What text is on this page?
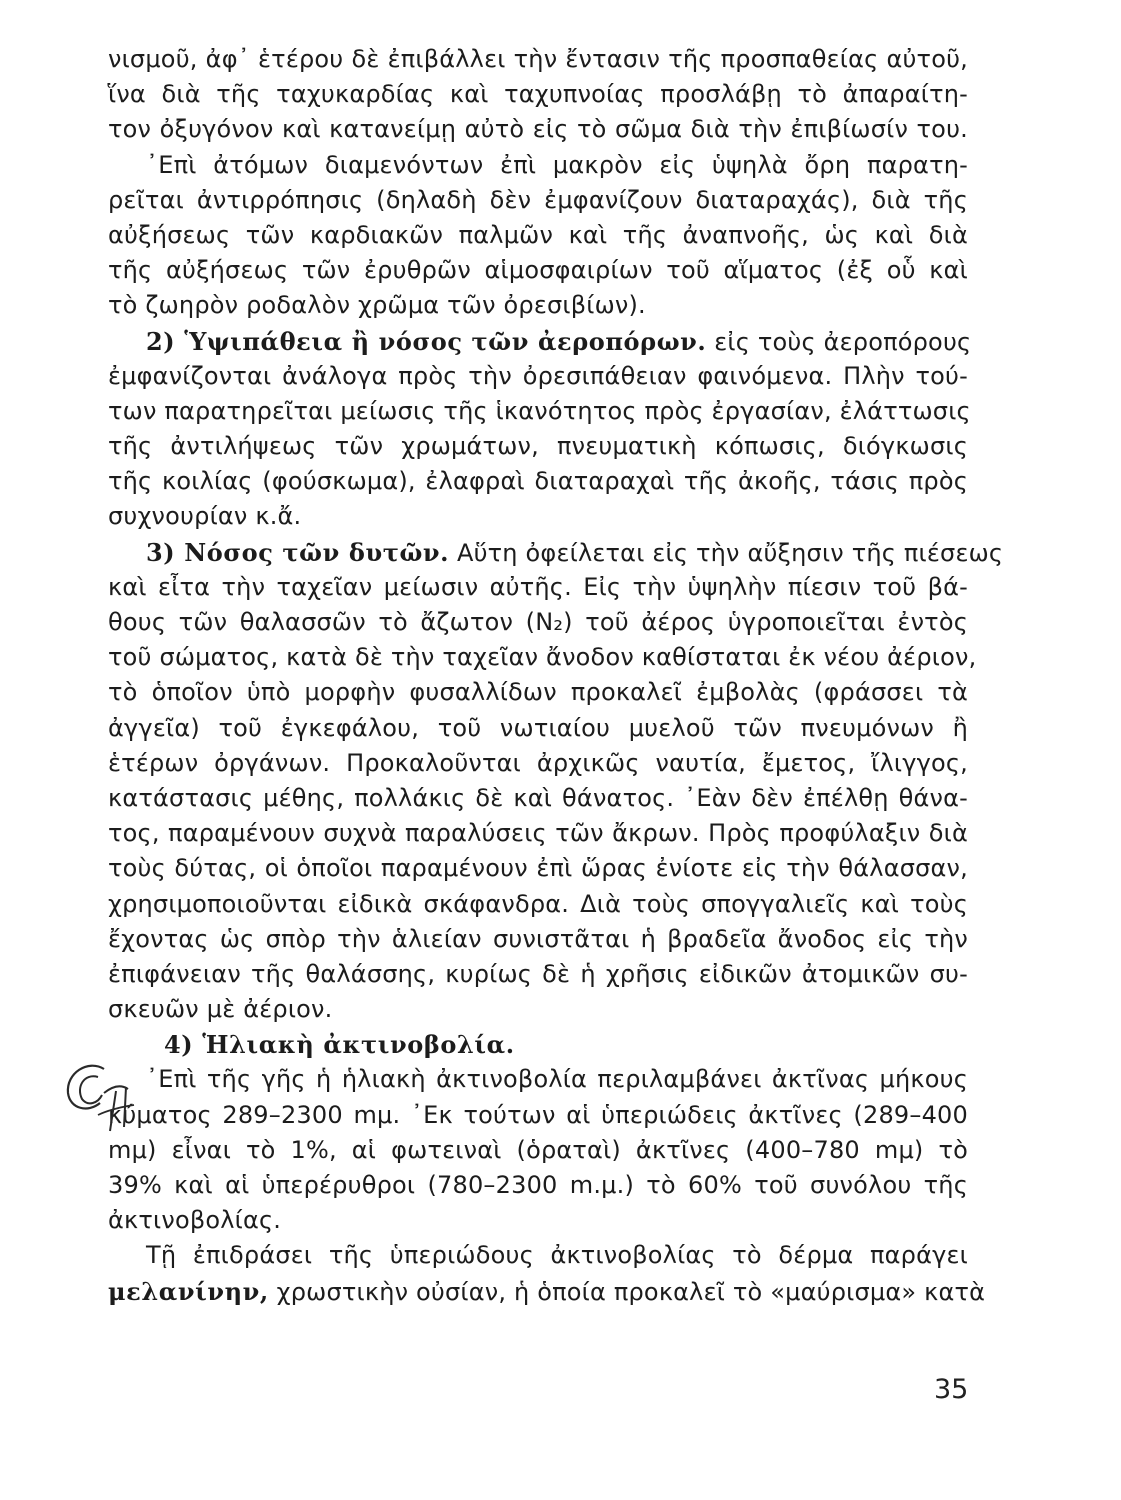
νισμοῦ, ἀφ᾿ ἑτέρου δὲ ἐπιβάλλει τὴν ἔντασιν τῆς προσπαθείας αὐτοῦ,
ἵνα διὰ τῆς ταχυκαρδίας καὶ ταχυπνοίας προσλάβῃ τὸ ἀπαραίτη-
τον ὀξυγόνον καὶ κατανείμῃ αὐτὸ εἰς τὸ σῶμα διὰ τὴν ἐπιβίωσίν του.
᾿Επὶ ἀτόμων διαμενόντων ἐπὶ μακρὸν εἰς ὑψηλὰ ὄρη παρατη-
ρεῖται ἀντιρρόπησις (δηλαδὴ δὲν ἐμφανίζουν διαταραχάς), διὰ τῆς
αὐξήσεως τῶν καρδιακῶν παλμῶν καὶ τῆς ἀναπνοῆς, ὡς καὶ διὰ
τῆς αὐξήσεως τῶν ἐρυθρῶν αἱμοσφαιρίων τοῦ αἵματος (ἐξ οὗ καὶ
τὸ ζωηρὸν ροδαλὸν χρῶμα τῶν ὀρεσιβίων).
2) Ὑψιπάθεια ἢ νόσος τῶν ἀεροπόρων. εἰς τοὺς ἀεροπόρους
ἐμφανίζονται ἀνάλογα πρὸς τὴν ὀρεσιπάθειαν φαινόμενα. Πλὴν τού-
των παρατηρεῖται μείωσις τῆς ἱκανότητος πρὸς ἐργασίαν, ἐλάττωσις
τῆς ἀντιλήψεως τῶν χρωμάτων, πνευματικὴ κόπωσις, διόγκωσις
τῆς κοιλίας (φούσκωμα), ἐλαφραὶ διαταραχαὶ τῆς ἀκοῆς, τάσις πρὸς
συχνουρίαν κ.ἄ.
3) Νόσος τῶν δυτῶν. Αὕτη ὀφείλεται εἰς τὴν αὔξησιν τῆς πιέσεως
καὶ εἶτα τὴν ταχεῖαν μείωσιν αὐτῆς. Εἰς τὴν ὑψηλὴν πίεσιν τοῦ βά-
θους τῶν θαλασσῶν τὸ ἄζωτον (N₂) τοῦ ἀέρος ὑγροποιεῖται ἐντὸς
τοῦ σώματος, κατὰ δὲ τὴν ταχεῖαν ἄνοδον καθίσταται ἐκ νέου ἀέριον,
τὸ ὁποῖον ὑπὸ μορφὴν φυσαλλίδων προκαλεῖ ἐμβολὰς (φράσσει τὰ
ἀγγεῖα) τοῦ ἐγκεφάλου, τοῦ νωτιαίου μυελοῦ τῶν πνευμόνων ἢ
ἑτέρων ὀργάνων. Προκαλοῦνται ἀρχικῶς ναυτία, ἔμετος, ἴλιγγος,
κατάστασις μέθης, πολλάκις δὲ καὶ θάνατος. ᾿Εὰν δὲν ἐπέλθῃ θάνα-
τος, παραμένουν συχνὰ παραλύσεις τῶν ἄκρων. Πρὸς προφύλαξιν διὰ
τοὺς δύτας, οἱ ὁποῖοι παραμένουν ἐπὶ ὥρας ἐνίοτε εἰς τὴν θάλασσαν,
χρησιμοποιοῦνται εἰδικὰ σκάφανδρα. Διὰ τοὺς σπογγαλιεῖς καὶ τοὺς
ἔχοντας ὡς σπὸρ τὴν ἁλιείαν συνιστᾶται ἡ βραδεῖα ἄνοδος εἰς τὴν
ἐπιφάνειαν τῆς θαλάσσης, κυρίως δὲ ἡ χρῆσις εἰδικῶν ἀτομικῶν συ-
σκευῶν μὲ ἀέριον.
4) Ἡλιακὴ ἀκτινοβολία.
᾿Επὶ τῆς γῆς ἡ ἡλιακὴ ἀκτινοβολία περιλαμβάνει ἀκτῖνας μήκους
κύματος 289–2300 mμ. ᾿Εκ τούτων αἱ ὑπεριώδεις ἀκτῖνες (289–400
mμ) εἶναι τὸ 1%, αἱ φωτειναὶ (ὁραταὶ) ἀκτῖνες (400–780 mμ) τὸ
39% καὶ αἱ ὑπερέρυθροι (780–2300 m.μ.) τὸ 60% τοῦ συνόλου τῆς
ἀκτινοβολίας.
Τῇ ἐπιδράσει τῆς ὑπεριώδους ἀκτινοβολίας τὸ δέρμα παράγει
μελανίνην, χρωστικὴν οὐσίαν, ἡ ὁποία προκαλεῖ τὸ «μαύρισμα» κατὰ
35
